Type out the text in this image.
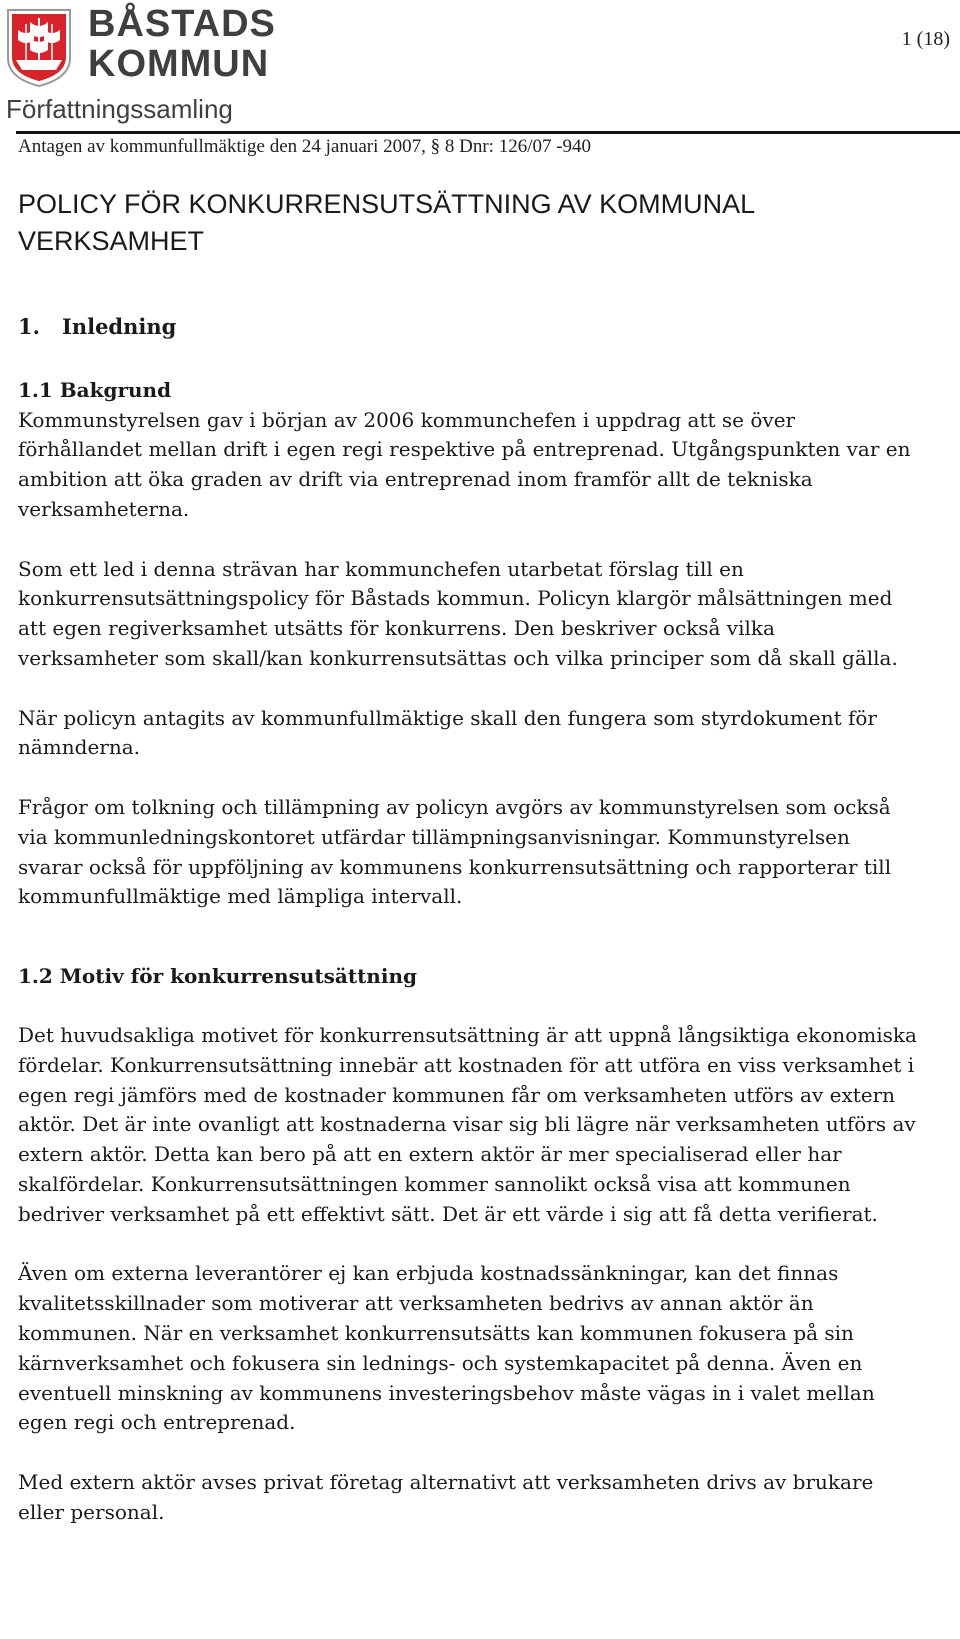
BÅSTADS
KOMMUN
Författningssamling
1 (18)
Antagen av kommunfullmäktige den 24 januari 2007, § 8 Dnr: 126/07 -940
POLICY FÖR KONKURRENSUTSÄTTNING AV KOMMUNAL
VERKSAMHET
1. Inledning

1.1 Bakgrund

Kommunstyrelsen gav i början av 2006 kommunchefen i uppdrag att se över förhållandet mellan drift i egen regi respektive på entreprenad. Utgångspunkten var en ambition att öka graden av drift via entreprenad inom framför allt de tekniska verksamheterna.

Som ett led i denna strävan har kommunchefen utarbetat förslag till en konkurrensutsättningspolicy för Båstads kommun. Policyn klargör målsättningen med att egen regiverksamhet utsätts för konkurrens. Den beskriver också vilka verksamheter som skall/kan konkurrensutsättas och vilka principer som då skall gälla.

När policyn antagits av kommunfullmäktige skall den fungera som styrdokument för nämnderna.

Frågor om tolkning och tillämpning av policyn avgörs av kommunstyrelsen som också via kommunledningskontoret utfärdar tillämpningsanvisningar. Kommunstyrelsen svarar också för uppföljning av kommunens konkurrensutsättning och rapporterar till kommunfullmäktige med lämpliga intervall.

1.2 Motiv för konkurrensutsättning

Det huvudsakliga motivet för konkurrensutsättning är att uppnå långsiktiga ekonomiska fördelar. Konkurrensutsättning innebär att kostnaden för att utföra en viss verksamhet i egen regi jämförs med de kostnader kommunen får om verksamheten utförs av extern aktör. Det är inte ovanligt att kostnaderna visar sig bli lägre när verksamheten utförs av extern aktör. Detta kan bero på att en extern aktör är mer specialiserad eller har skalfördelar. Konkurrensutsättningen kommer sannolikt också visa att kommunen bedriver verksamhet på ett effektivt sätt. Det är ett värde i sig att få detta verifierat.

Även om externa leverantörer ej kan erbjuda kostnadssänkningar, kan det finnas kvalitetsskillnader som motiverar att verksamheten bedrivs av annan aktör än kommunen. När en verksamhet konkurrensutsätts kan kommunen fokusera på sin kärnverksamhet och fokusera sin lednings- och systemkapacitet på denna. Även en eventuell minskning av kommunens investeringsbehov måste vägas in i valet mellan egen regi och entreprenad.

Med extern aktör avses privat företag alternativt att verksamheten drivs av brukare eller personal.
